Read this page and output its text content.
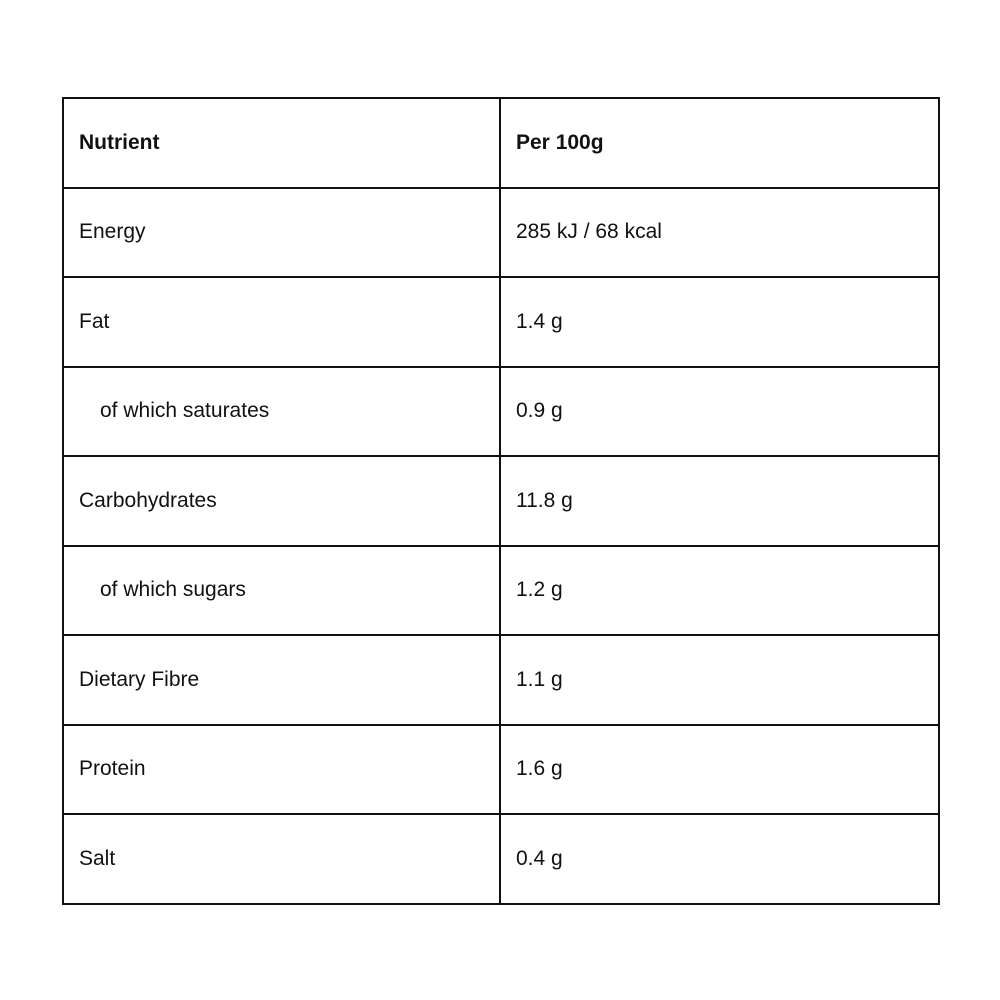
Nutrient	Per 100g
Energy	285 kJ / 68 kcal
Fat	1.4 g
of which saturates	0.9 g
Carbohydrates	11.8 g
of which sugars	1.2 g
Dietary Fibre	1.1 g
Protein	1.6 g
Salt	0.4 g
